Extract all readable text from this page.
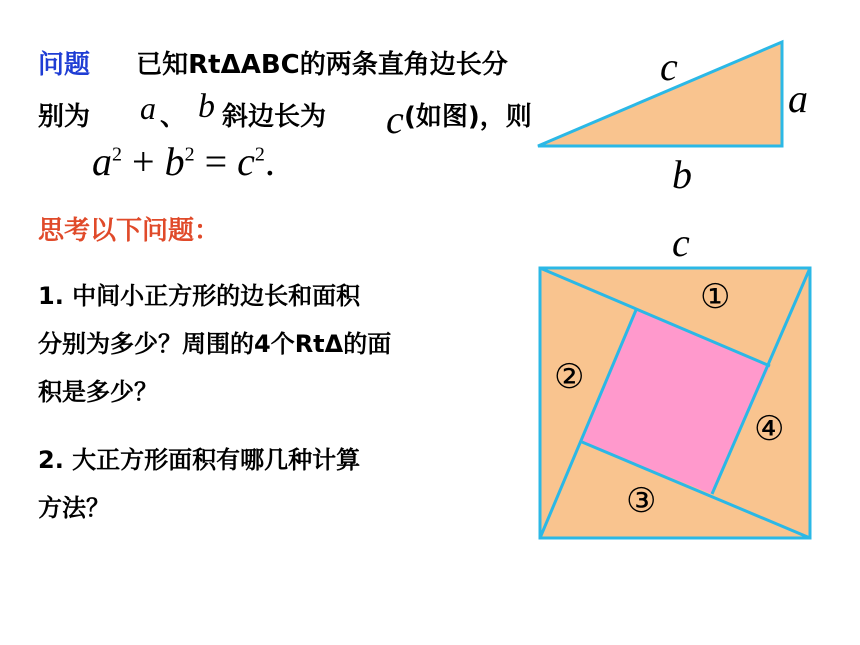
问题 已知RtΔABC的两条直角边长分
别为 a 、 b 斜边长为 c (如图)，则
$a^2 + b^2 = c^2$.
思考以下问题：
1. 中间小正方形的边长和面积
分别为多少？周围的4个RtΔ的面
积是多少？
2. 大正方形面积有哪几种计算
方法？
c
a
b
c
①
②
④
③
